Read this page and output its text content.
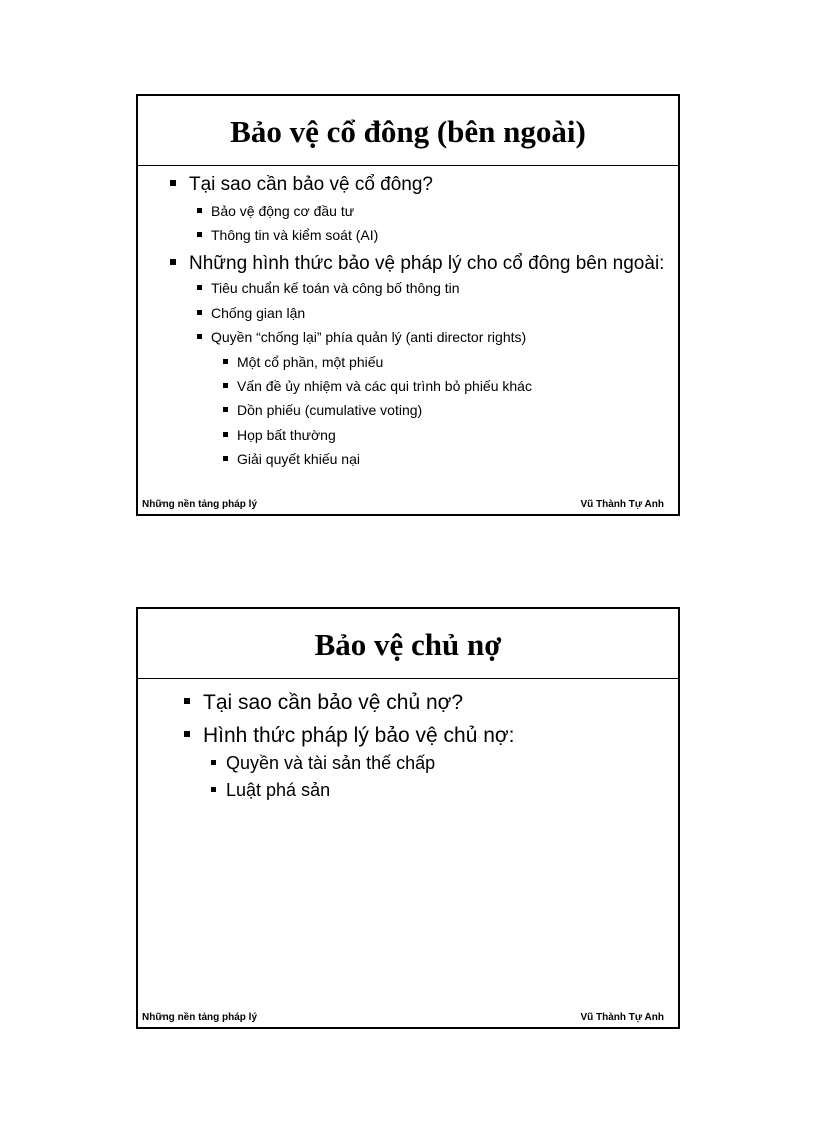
Bảo vệ cổ đông (bên ngoài)
Tại sao cần bảo vệ cổ đông?
Bảo vệ động cơ đầu tư
Thông tin và kiểm soát (AI)
Những hình thức bảo vệ pháp lý cho cổ đông bên ngoài:
Tiêu chuẩn kế toán và công bố thông tin
Chống gian lận
Quyền “chống lại” phía quản lý (anti director rights)
Một cổ phần, một phiếu
Vấn đề ủy nhiệm và các qui trình bỏ phiếu khác
Dồn phiếu (cumulative voting)
Họp bất thường
Giải quyết khiếu nại
Những nền tảng pháp lý	Vũ Thành Tự Anh
Bảo vệ chủ nợ
Tại sao cần bảo vệ chủ nợ?
Hình thức pháp lý bảo vệ chủ nợ:
Quyền và tài sản thế chấp
Luật phá sản
Những nền tảng pháp lý	Vũ Thành Tự Anh
